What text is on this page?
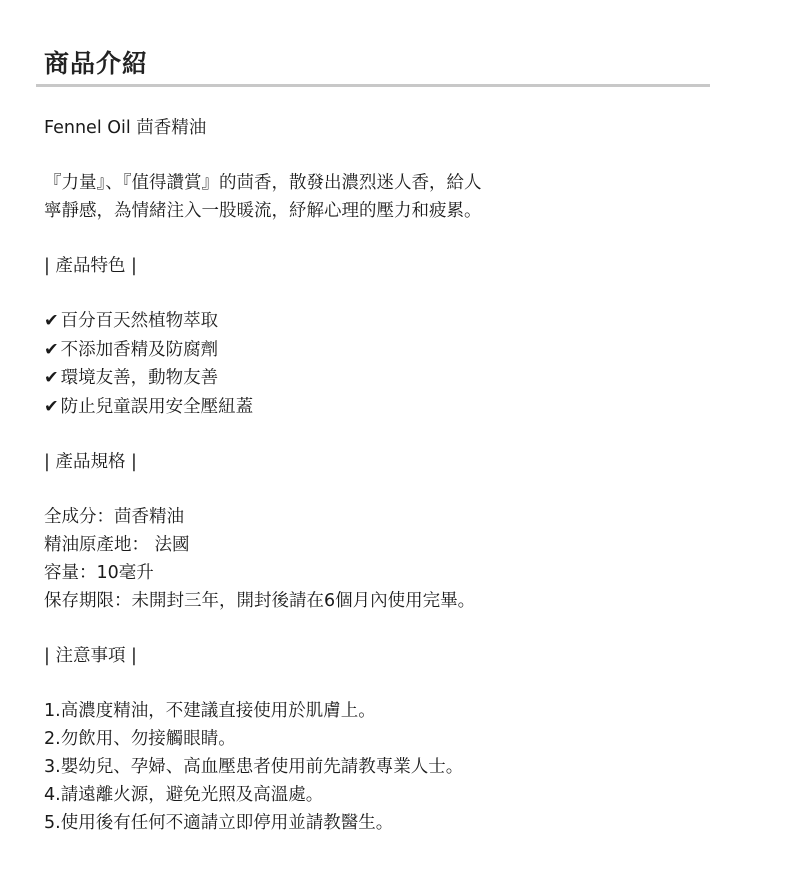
商品介紹
Fennel Oil 茴香精油
『力量』、『值得讚賞』的茴香，散發出濃烈迷人香，給人
寧靜感，為情緒注入一股暖流，紓解心理的壓力和疲累。
| 產品特色 |
✔ 百分百天然植物萃取
✔ 不添加香精及防腐劑
✔ 環境友善，動物友善
✔ 防止兒童誤用安全壓紐蓋
| 產品規格 |
全成分：茴香精油
精油原產地： 法國
容量：10毫升
保存期限：未開封三年，開封後請在6個月內使用完畢。
| 注意事項 |
1.高濃度精油，不建議直接使用於肌膚上。
2.勿飲用、勿接觸眼睛。
3.嬰幼兒、孕婦、高血壓患者使用前先請教專業人士。
4.請遠離火源，避免光照及高溫處。
5.使用後有任何不適請立即停用並請教醫生。
